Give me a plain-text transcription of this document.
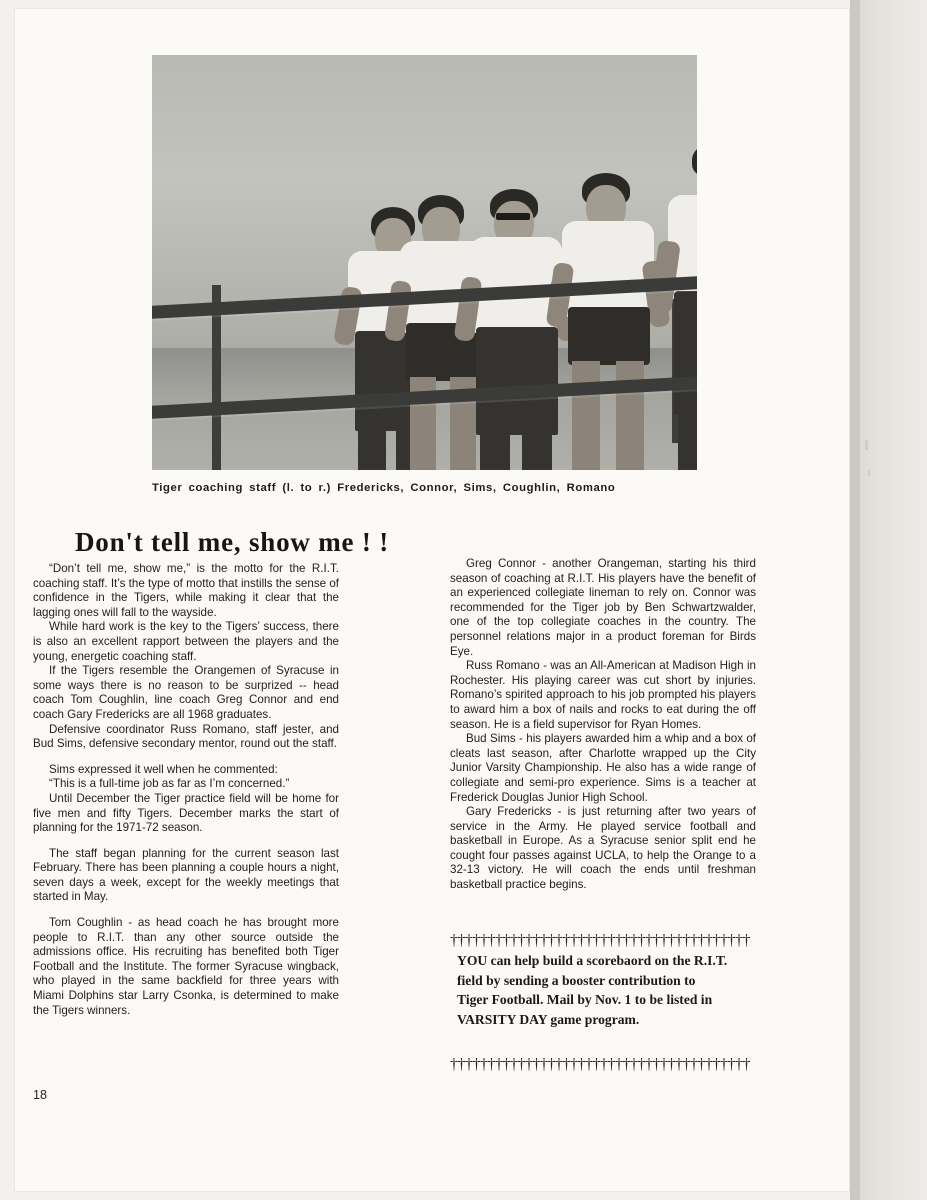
Tiger coaching staff (l. to r.) Fredericks, Connor, Sims, Coughlin, Romano
Don't tell me, show me ! !

“Don’t tell me, show me,” is the motto for the R.I.T. coaching staff. It’s the type of motto that instills the sense of confidence in the Tigers, while making it clear that the lagging ones will fall to the wayside.

While hard work is the key to the Tigers’ success, there is also an excellent rapport between the players and the young, energetic coaching staff.

If the Tigers resemble the Orangemen of Syracuse in some ways there is no reason to be surprized -- head coach Tom Coughlin, line coach Greg Connor and end coach Gary Fredericks are all 1968 graduates.

Defensive coordinator Russ Romano, staff jester, and Bud Sims, defensive secondary mentor, round out the staff.

Sims expressed it well when he commented:

“This is a full-time job as far as I’m concerned.”

Until December the Tiger practice field will be home for five men and fifty Tigers. December marks the start of planning for the 1971-72 season.

The staff began planning for the current season last February. There has been planning a couple hours a night, seven days a week, except for the weekly meetings that started in May.

Tom Coughlin - as head coach he has brought more people to R.I.T. than any other source outside the admissions office. His recruiting has benefited both Tiger Football and the Institute. The former Syracuse wingback, who played in the same backfield for three years with Miami Dolphins star Larry Csonka, is determined to make the Tigers winners.

Greg Connor - another Orangeman, starting his third season of coaching at R.I.T. His players have the benefit of an experienced collegiate lineman to rely on. Connor was recommended for the Tiger job by Ben Schwartzwalder, one of the top collegiate coaches in the country. The personnel relations major in a product foreman for Birds Eye.

Russ Romano - was an All-American at Madison High in Rochester. His playing career was cut short by injuries. Romano’s spirited approach to his job prompted his players to award him a box of nails and rocks to eat during the off season. He is a field supervisor for Ryan Homes.

Bud Sims - his players awarded him a whip and a box of cleats last season, after Charlotte wrapped up the City Junior Varsity Championship. He also has a wide range of collegiate and semi-pro experience. Sims is a teacher at Frederick Douglas Junior High School.

Gary Fredericks - is just returning after two years of service in the Army. He played service football and basketball in Europe. As a Syracuse senior split end he cought four passes against UCLA, to help the Orange to a 32-13 victory. He will coach the ends until freshman basketball practice begins.

††††††††††††††††††††††††††††††††††††††††
YOU can help build a scorebaord on the R.I.T.
field by sending a booster contribution to
Tiger Football. Mail by Nov. 1 to be listed in
VARSITY DAY game program.
††††††††††††††††††††††††††††††††††††††††
18
